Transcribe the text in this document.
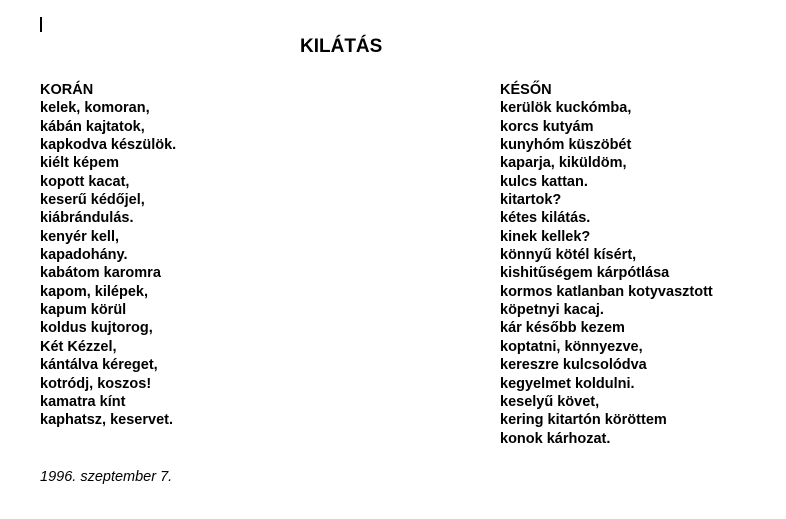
KILÁTÁS
KORÁN
kelek, komoran,
kábán kajtatok,
kapkodva készülök.
kiélt képem
kopott kacat,
keserű kédőjel,
kiábrándulás.
kenyér kell,
kapadohány.
kabátom karomra
kapom, kilépek,
kapum körül
koldus kujtorog,
Két Kézzel,
kántálva kéreget,
kotródj, koszos!
kamatra kínt
kaphatsz, keservet.
KÉSŐN
kerülök kuckómba,
korcs kutyám
kunyhóm küszöbét
kaparja, kiküldöm,
kulcs kattan.
kitartok?
kétes kilátás.
kinek kellek?
könnyű kötél kísért,
kishitűségem kárpótlása
kormos katlanban kotyvasztott
köpetnyi kacaj.
kár később kezem
koptatni, könnyezve,
kereszre kulcsolódva
kegyelmet koldulni.
keselyű követ,
kering kitartón köröttem
konok kárhozat.
1996. szeptember 7.
